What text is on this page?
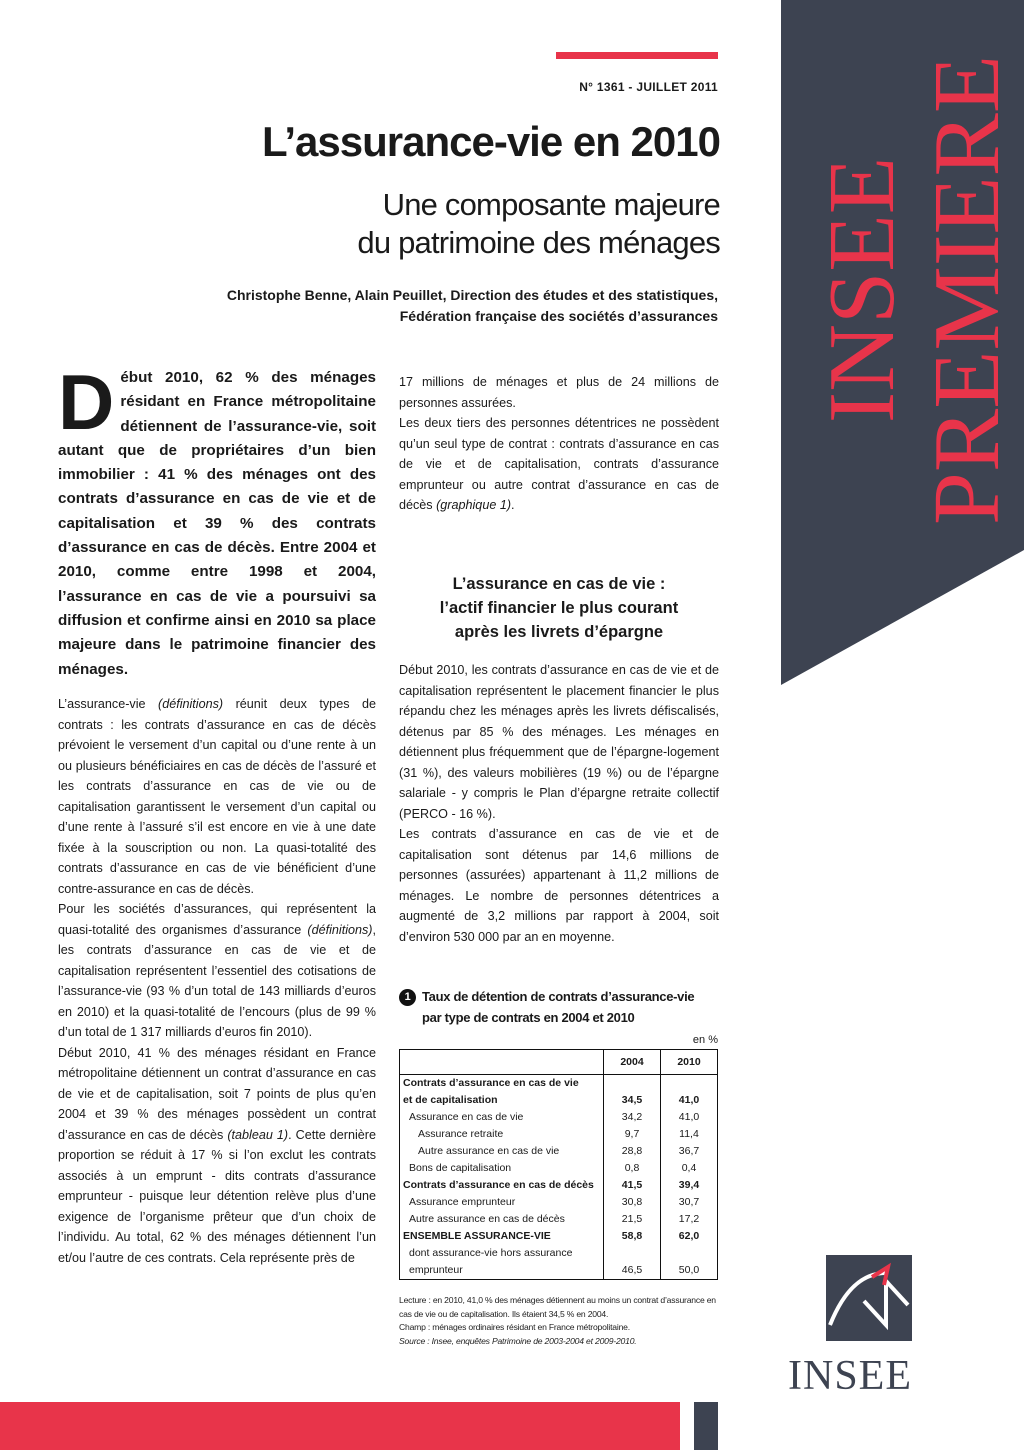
INSEE PREMIERE
N° 1361 - JUILLET 2011
L’assurance-vie en 2010
Une composante majeure
du patrimoine des ménages
Christophe Benne, Alain Peuillet, Direction des études et des statistiques,
Fédération française des sociétés d’assurances
Début 2010, 62 % des ménages résidant en France métropolitaine détiennent de l’assurance-vie, soit autant que de propriétaires d’un bien immobilier : 41 % des ménages ont des contrats d’assurance en cas de vie et de capitalisation et 39 % des contrats d’assurance en cas de décès. Entre 2004 et 2010, comme entre 1998 et 2004, l’assurance en cas de vie a poursuivi sa diffusion et confirme ainsi en 2010 sa place majeure dans le patrimoine financier des ménages.

L’assurance-vie (définitions) réunit deux types de contrats : les contrats d’assurance en cas de décès prévoient le versement d’un capital ou d’une rente à un ou plusieurs bénéficiaires en cas de décès de l’assuré et les contrats d’assurance en cas de vie ou de capitalisation garantissent le versement d’un capital ou d’une rente à l’assuré s’il est encore en vie à une date fixée à la souscription ou non. La quasi-totalité des contrats d’assurance en cas de vie bénéficient d’une contre-assurance en cas de décès.

Pour les sociétés d’assurances, qui représentent la quasi-totalité des organismes d’assurance (définitions), les contrats d’assurance en cas de vie et de capitalisation représentent l’essentiel des cotisations de l’assurance-vie (93 % d’un total de 143 milliards d’euros en 2010) et la quasi-totalité de l’encours (plus de 99 % d’un total de 1 317 milliards d’euros fin 2010).

Début 2010, 41 % des ménages résidant en France métropolitaine détiennent un contrat d’assurance en cas de vie et de capitalisation, soit 7 points de plus qu’en 2004 et 39 % des ménages possèdent un contrat d’assurance en cas de décès (tableau 1). Cette dernière proportion se réduit à 17 % si l’on exclut les contrats associés à un emprunt - dits contrats d’assurance emprunteur - puisque leur détention relève plus d’une exigence de l’organisme prêteur que d’un choix de l’individu. Au total, 62 % des ménages détiennent l’un et/ou l’autre de ces contrats. Cela représente près de

17 millions de ménages et plus de 24 millions de personnes assurées.

Les deux tiers des personnes détentrices ne possèdent qu’un seul type de contrat : contrats d’assurance en cas de vie et de capitalisation, contrats d’assurance emprunteur ou autre contrat d’assurance en cas de décès (graphique 1).

L’assurance en cas de vie :
l’actif financier le plus courant
après les livrets d’épargne

Début 2010, les contrats d’assurance en cas de vie et de capitalisation représentent le placement financier le plus répandu chez les ménages après les livrets défiscalisés, détenus par 85 % des ménages. Les ménages en détiennent plus fréquemment que de l’épargne-logement (31 %), des valeurs mobilières (19 %) ou de l’épargne salariale - y compris le Plan d’épargne retraite collectif (PERCO - 16 %).

Les contrats d’assurance en cas de vie et de capitalisation sont détenus par 14,6 millions de personnes (assurées) appartenant à 11,2 millions de ménages. Le nombre de personnes détentrices a augmenté de 3,2 millions par rapport à 2004, soit d’environ 530 000 par an en moyenne.

1 Taux de détention de contrats d’assurance-vie
par type de contrats en 2004 et 2010
en %
	2004	2010
Contrats d’assurance en cas de vie		
et de capitalisation	34,5	41,0
Assurance en cas de vie	34,2	41,0
Assurance retraite	9,7	11,4
Autre assurance en cas de vie	28,8	36,7
Bons de capitalisation	0,8	0,4
Contrats d’assurance en cas de décès	41,5	39,4
Assurance emprunteur	30,8	30,7
Autre assurance en cas de décès	21,5	17,2
ENSEMBLE ASSURANCE-VIE	58,8	62,0
dont assurance-vie hors assurance		
emprunteur	46,5	50,0
Lecture : en 2010, 41,0 % des ménages détiennent au moins un contrat d’assurance en cas de vie ou de capitalisation. Ils étaient 34,5 % en 2004.
Champ : ménages ordinaires résidant en France métropolitaine.
Source : Insee, enquêtes Patrimoine de 2003-2004 et 2009-2010.
INSEE
